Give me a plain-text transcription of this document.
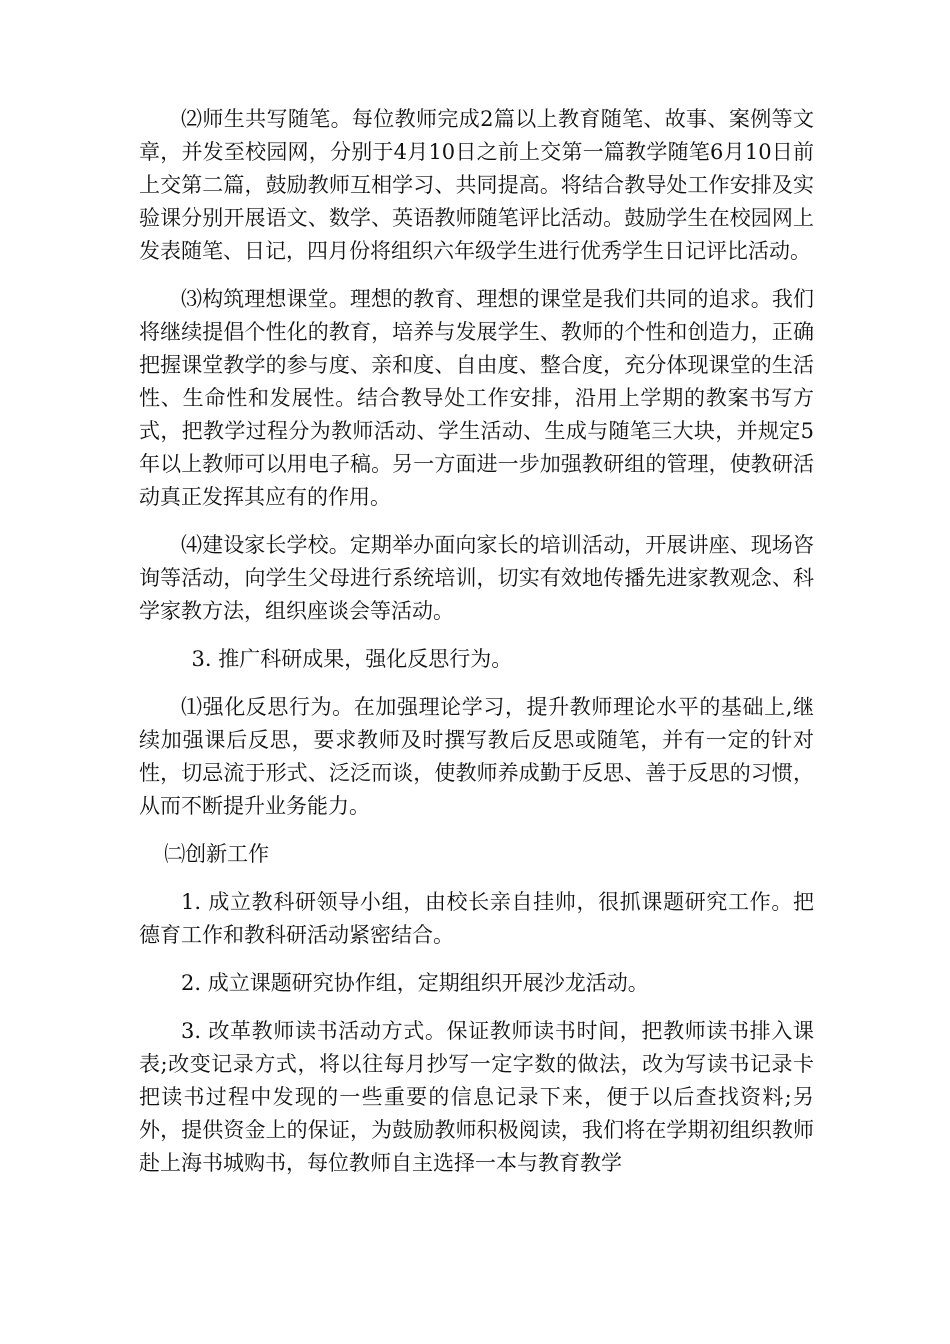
⑵师生共写随笔。每位教师完成2篇以上教育随笔、故事、案例等文章，并发至校园网，分别于4月10日之前上交第一篇教学随笔6月10日前上交第二篇，鼓励教师互相学习、共同提高。将结合教导处工作安排及实验课分别开展语文、数学、英语教师随笔评比活动。鼓励学生在校园网上发表随笔、日记，四月份将组织六年级学生进行优秀学生日记评比活动。

⑶构筑理想课堂。理想的教育、理想的课堂是我们共同的追求。我们将继续提倡个性化的教育，培养与发展学生、教师的个性和创造力，正确把握课堂教学的参与度、亲和度、自由度、整合度，充分体现课堂的生活性、生命性和发展性。结合教导处工作安排，沿用上学期的教案书写方式，把教学过程分为教师活动、学生活动、生成与随笔三大块，并规定5年以上教师可以用电子稿。另一方面进一步加强教研组的管理，使教研活动真正发挥其应有的作用。

⑷建设家长学校。定期举办面向家长的培训活动，开展讲座、现场咨询等活动，向学生父母进行系统培训，切实有效地传播先进家教观念、科学家教方法，组织座谈会等活动。

3. 推广科研成果，强化反思行为。

⑴强化反思行为。在加强理论学习，提升教师理论水平的基础上,继续加强课后反思，要求教师及时撰写教后反思或随笔，并有一定的针对性，切忌流于形式、泛泛而谈，使教师养成勤于反思、善于反思的习惯，从而不断提升业务能力。

㈡创新工作

1. 成立教科研领导小组，由校长亲自挂帅，很抓课题研究工作。把德育工作和教科研活动紧密结合。

2. 成立课题研究协作组，定期组织开展沙龙活动。

3. 改革教师读书活动方式。保证教师读书时间，把教师读书排入课表;改变记录方式，将以往每月抄写一定字数的做法，改为写读书记录卡把读书过程中发现的一些重要的信息记录下来，便于以后查找资料;另外，提供资金上的保证，为鼓励教师积极阅读，我们将在学期初组织教师赴上海书城购书，每位教师自主选择一本与教育教学
